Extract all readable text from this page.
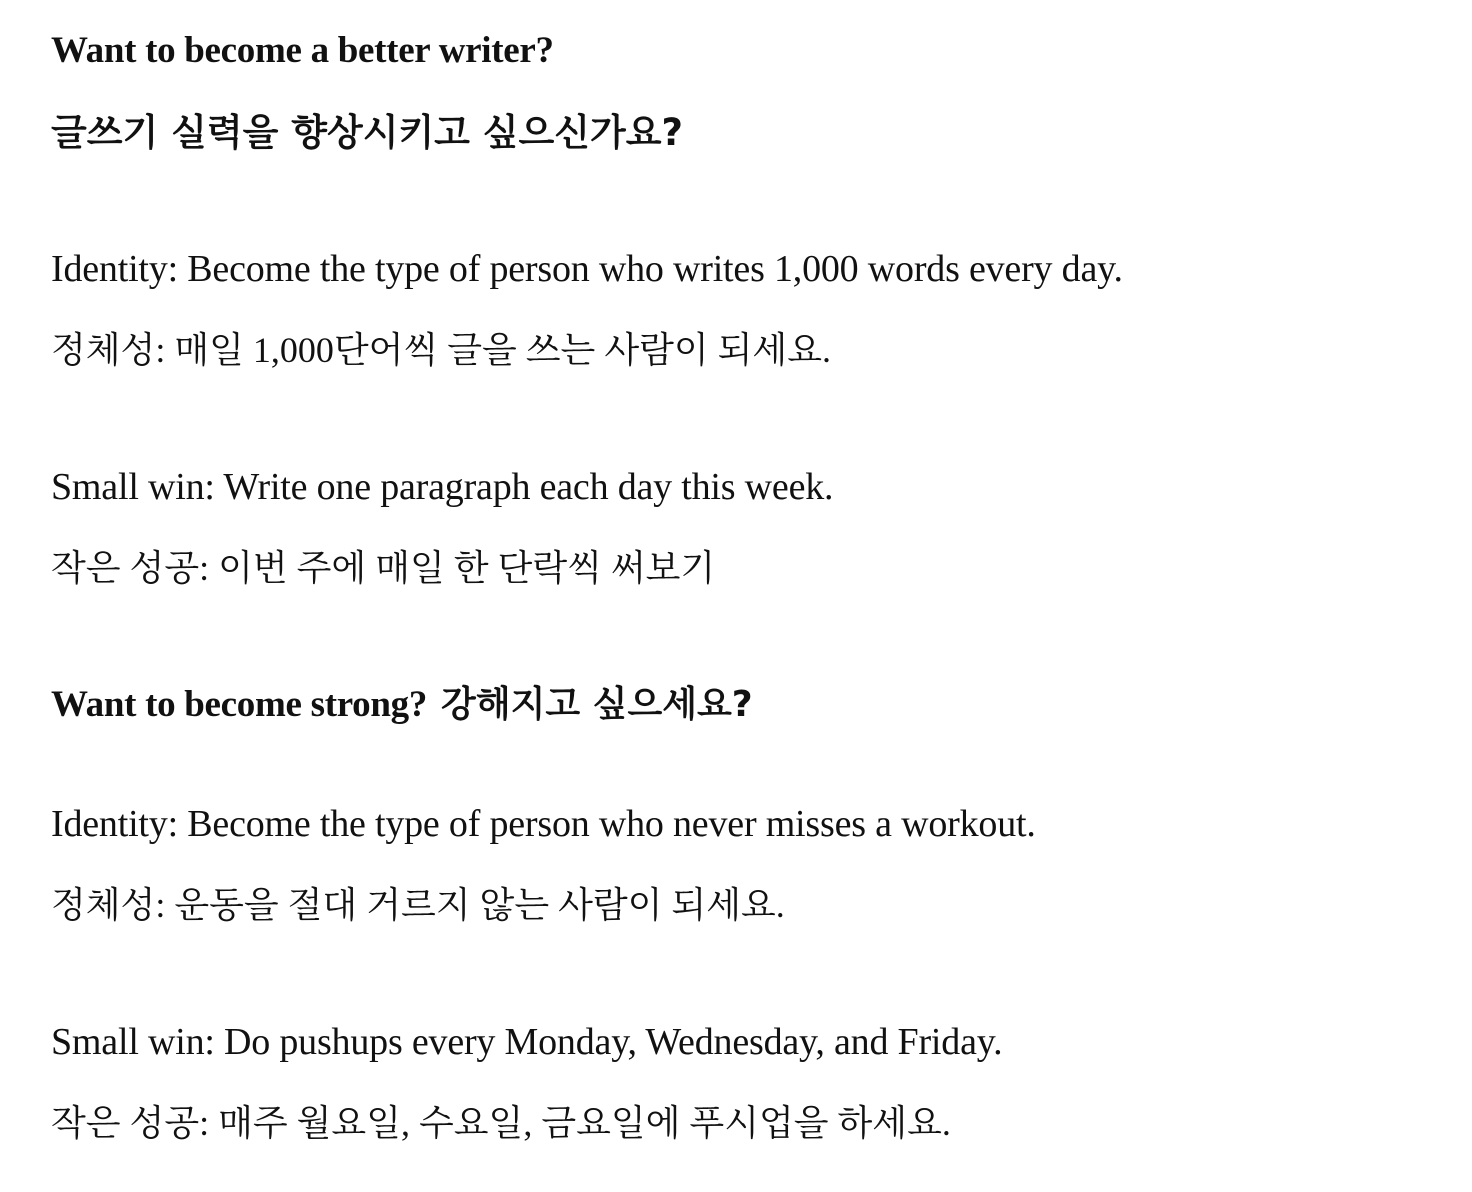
Want to become a better writer?
글쓰기 실력을 향상시키고 싶으신가요?
Identity: Become the type of person who writes 1,000 words every day.
정체성: 매일 1,000단어씩 글을 쓰는 사람이 되세요.
Small win: Write one paragraph each day this week.
작은 성공: 이번 주에 매일 한 단락씩 써보기
Want to become strong? 강해지고 싶으세요?
Identity: Become the type of person who never misses a workout.
정체성: 운동을 절대 거르지 않는 사람이 되세요.
Small win: Do pushups every Monday, Wednesday, and Friday.
작은 성공: 매주 월요일, 수요일, 금요일에 푸시업을 하세요.
